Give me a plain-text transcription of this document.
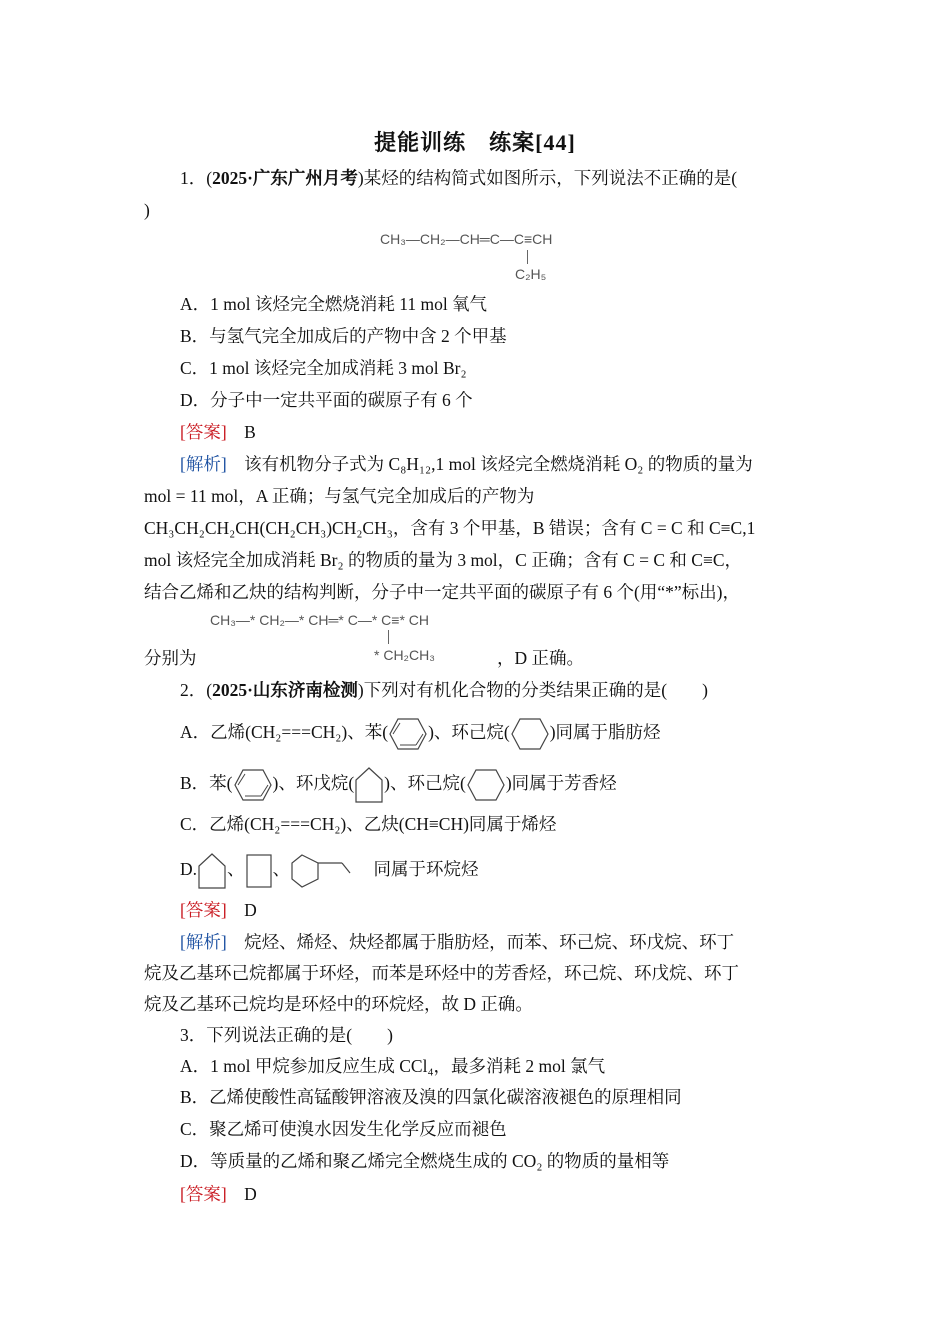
提能训练　练案[44]
1．(2025·广东广州月考)某烃的结构简式如图所示，下列说法不正确的是(
)
CH₃—CH₂—CH═C—C≡CH
C₂H₅
A．1 mol 该烃完全燃烧消耗 11 mol 氧气
B．与氢气完全加成后的产物中含 2 个甲基
C．1 mol 该烃完全加成消耗 3 mol Br₂
D．分子中一定共平面的碳原子有 6 个
[答案]　 B
[解析]　 该有机物分子式为 C₈H₁₂,1 mol 该烃完全燃烧消耗 O₂ 的物质的量为
mol = 11 mol，A 正确；与氢气完全加成后的产物为
CH₃CH₂CH₂CH(CH₂CH₃)CH₂CH₃，含有 3 个甲基，B 错误；含有 C = C 和 C≡C,1
mol 该烃完全加成消耗 Br₂ 的物质的量为 3 mol，C 正确；含有 C = C 和 C≡C，
结合乙烯和乙炔的结构判断，分子中一定共平面的碳原子有 6 个(用“*”标出)，
CH₃—* CH₂—* CH═* C—* C≡* CH
* CH₂CH₃
分别为	，D 正确。
2．(2025·山东济南检测)下列对有机化合物的分类结果正确的是(　　)
A．乙烯(CH₂===CH₂)、苯( )、环己烷( )同属于脂肪烃
B．苯( )、环戊烷( )、环己烷( )同属于芳香烃
C．乙烯(CH₂===CH₂)、乙炔(CH≡CH)同属于烯烃
D. 、 、　	同属于环烷烃
[答案]　 D
[解析]　 烷烃、烯烃、炔烃都属于脂肪烃，而苯、环己烷、环戊烷、环丁
烷及乙基环己烷都属于环烃，而苯是环烃中的芳香烃，环己烷、环戊烷、环丁
烷及乙基环己烷均是环烃中的环烷烃，故 D 正确。
3．下列说法正确的是(　　)
A．1 mol 甲烷参加反应生成 CCl₄，最多消耗 2 mol 氯气
B．乙烯使酸性高锰酸钾溶液及溴的四氯化碳溶液褪色的原理相同
C．聚乙烯可使溴水因发生化学反应而褪色
D．等质量的乙烯和聚乙烯完全燃烧生成的 CO₂ 的物质的量相等
[答案]　 D
